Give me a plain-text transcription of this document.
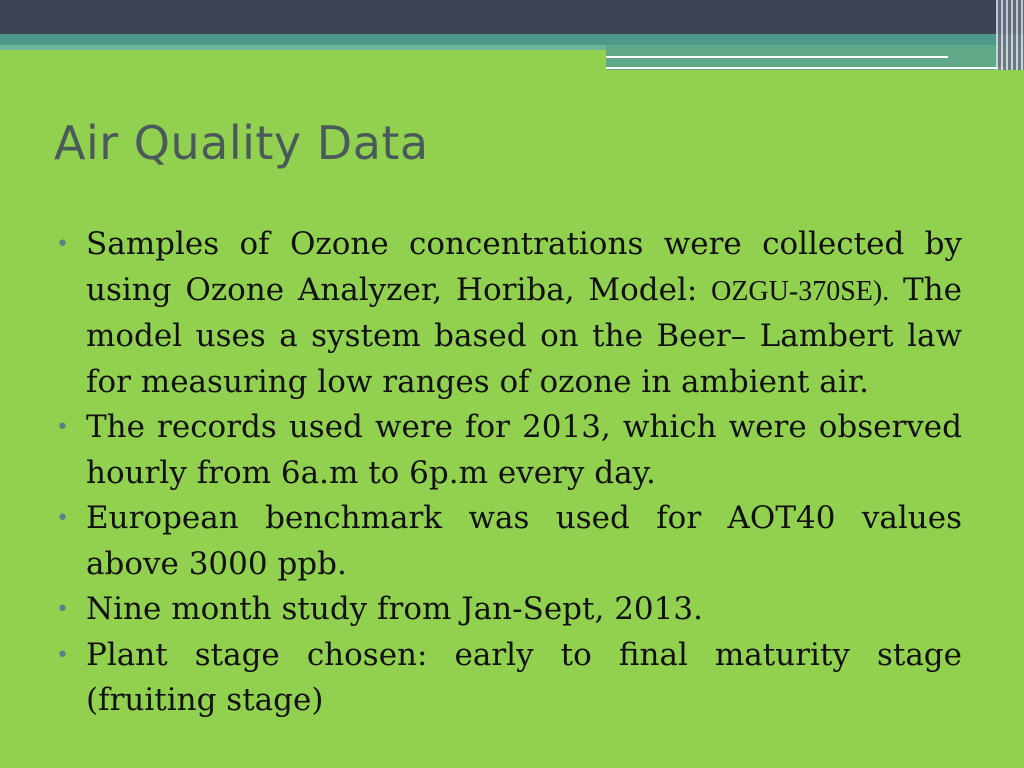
Air Quality Data
• Samples of Ozone concentrations were collected by using Ozone Analyzer, Horiba, Model: OZGU-370SE). The model uses a system based on the Beer– Lambert law for measuring low ranges of ozone in ambient air.
• The records used were for 2013, which were observed hourly from 6a.m to 6p.m every day.
• European benchmark was used for AOT40 values above 3000 ppb.
• Nine month study from Jan-Sept, 2013.
• Plant stage chosen: early to final maturity stage (fruiting stage)
